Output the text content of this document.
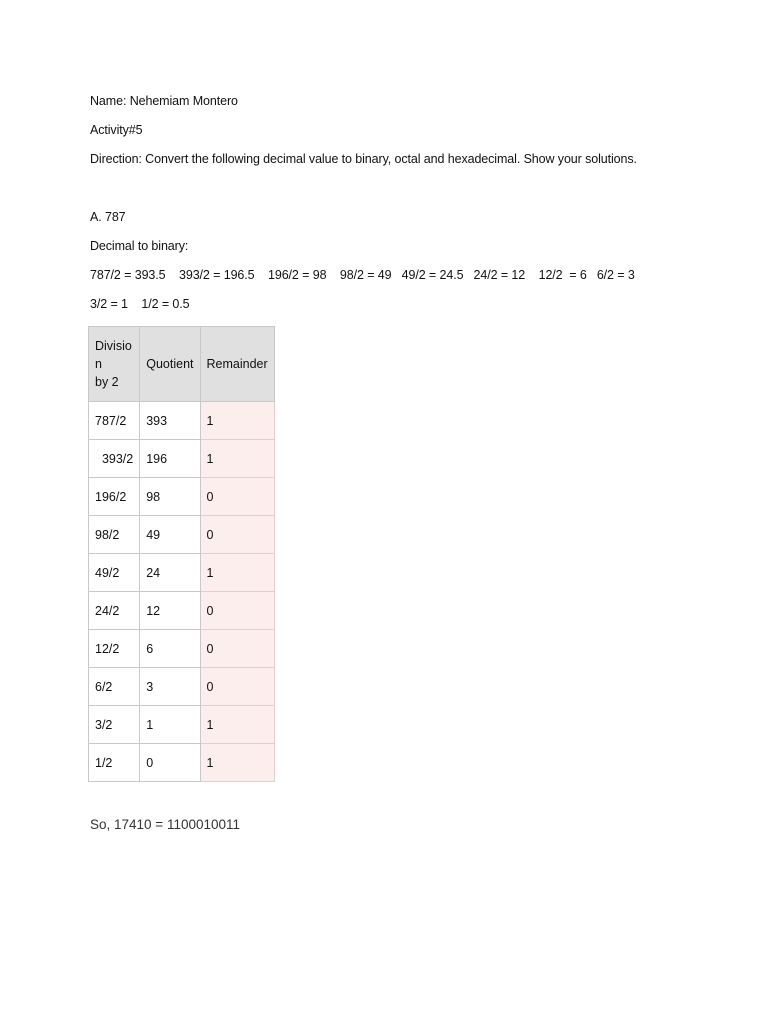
Name: Nehemiam Montero
Activity#5
Direction: Convert the following decimal value to binary, octal and hexadecimal. Show your solutions.
A. 787
Decimal to binary:
787/2 = 393.5    393/2 = 196.5    196/2 = 98    98/2 = 49   49/2 = 24.5   24/2 = 12    12/2  = 6   6/2 = 3
3/2 = 1    1/2 = 0.5
Divisio
n
by 2	Quotient	Remainder
787/2	393	1
393/2	196	1
196/2	98	0
98/2	49	0
49/2	24	1
24/2	12	0
12/2	6	0
6/2	3	0
3/2	1	1
1/2	0	1
So, 17410 = 1100010011
